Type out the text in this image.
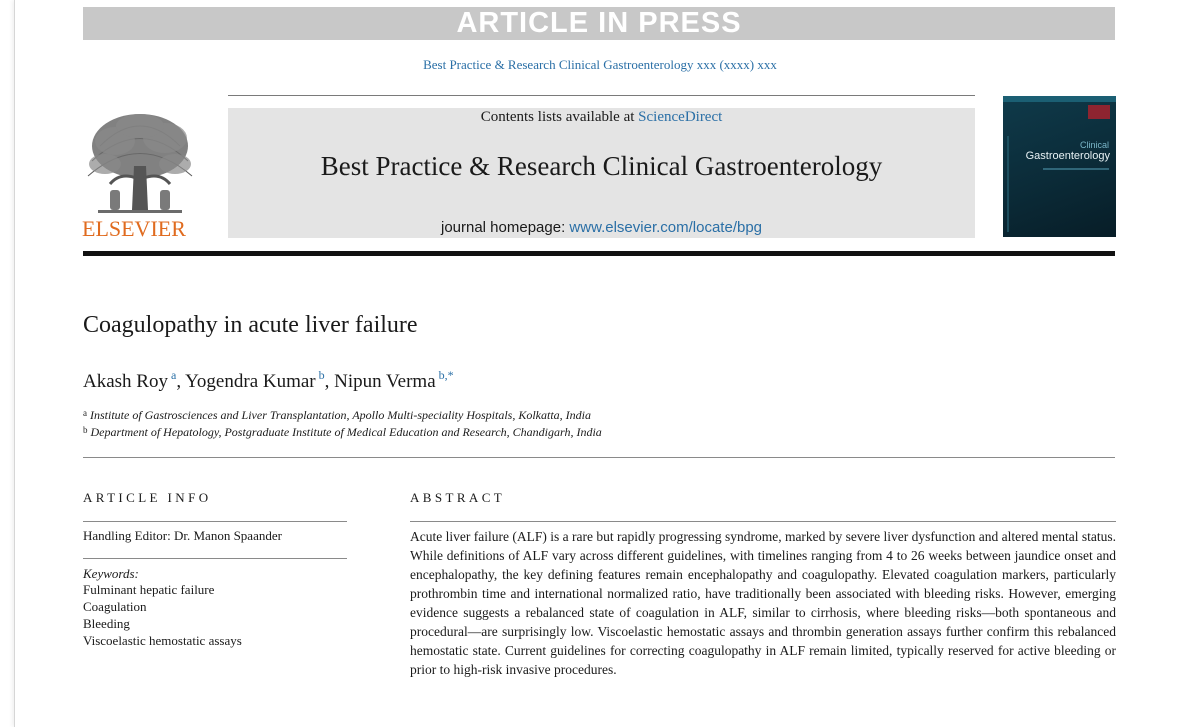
ARTICLE IN PRESS
Best Practice & Research Clinical Gastroenterology xxx (xxxx) xxx
ELSEVIER
Contents lists available at ScienceDirect
Best Practice & Research Clinical Gastroenterology
journal homepage: www.elsevier.com/locate/bpg
Clinical
Gastroenterology
Coagulopathy in acute liver failure
Akash Roy $^a$, Yogendra Kumar $^b$, Nipun Verma $^{b,*}$
$^a$ Institute of Gastrosciences and Liver Transplantation, Apollo Multi-speciality Hospitals, Kolkatta, India
$^b$ Department of Hepatology, Postgraduate Institute of Medical Education and Research, Chandigarh, India
ARTICLE INFO	ABSTRACT
Handling Editor: Dr. Manon Spaander
Keywords:
Fulminant hepatic failure
Coagulation
Bleeding
Viscoelastic hemostatic assays

Acute liver failure (ALF) is a rare but rapidly progressing syndrome, marked by severe liver dysfunction and altered mental status. While definitions of ALF vary across different guidelines, with timelines ranging from 4 to 26 weeks between jaundice onset and encephalopathy, the key defining features remain encephalopathy and coagulopathy. Elevated coagulation markers, particularly prothrombin time and international normalized ratio, have traditionally been associated with bleeding risks. However, emerging evidence suggests a rebalanced state of coagulation in ALF, similar to cirrhosis, where bleeding risks—both spontaneous and procedural—are surprisingly low. Viscoelastic hemostatic assays and thrombin generation assays further confirm this rebalanced hemostatic state. Current guidelines for correcting coagulopathy in ALF remain limited, typically reserved for active bleeding or prior to high-risk invasive procedures.
